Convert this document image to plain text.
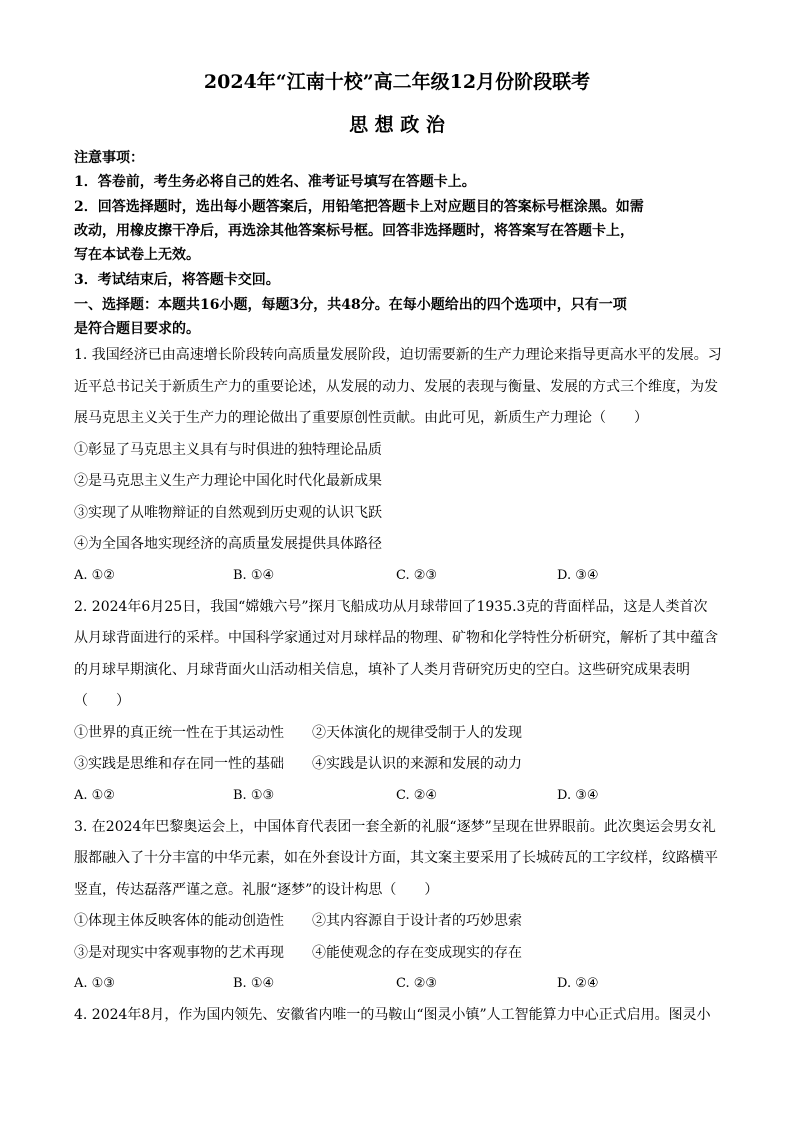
2024年“江南十校”高二年级12月份阶段联考
思 想 政 治
注意事项：
1．答卷前，考生务必将自己的姓名、准考证号填写在答题卡上。
2．回答选择题时，选出每小题答案后，用铅笔把答题卡上对应题目的答案标号框涂黑。如需
改动，用橡皮擦干净后，再选涂其他答案标号框。回答非选择题时，将答案写在答题卡上，
写在本试卷上无效。
3．考试结束后，将答题卡交回。
一、选择题：本题共16小题，每题3分，共48分。在每小题给出的四个选项中，只有一项
是符合题目要求的。
1. 我国经济已由高速增长阶段转向高质量发展阶段，迫切需要新的生产力理论来指导更高水平的发展。习
近平总书记关于新质生产力的重要论述，从发展的动力、发展的表现与衡量、发展的方式三个维度，为发
展马克思主义关于生产力的理论做出了重要原创性贡献。由此可见，新质生产力理论（　　）
①彰显了马克思主义具有与时俱进的独特理论品质
②是马克思主义生产力理论中国化时代化最新成果
③实现了从唯物辩证的自然观到历史观的认识飞跃
④为全国各地实现经济的高质量发展提供具体路径
A. ①②	B. ①④	C. ②③	D. ③④
2. 2024年6月25日，我国“嫦娥六号”探月飞船成功从月球带回了1935.3克的背面样品，这是人类首次
从月球背面进行的采样。中国科学家通过对月球样品的物理、矿物和化学特性分析研究，解析了其中蕴含
的月球早期演化、月球背面火山活动相关信息，填补了人类月背研究历史的空白。这些研究成果表明
（　　）
①世界的真正统一性在于其运动性 ②天体演化的规律受制于人的发现
③实践是思维和存在同一性的基础 ④实践是认识的来源和发展的动力
A. ①②	B. ①③	C. ②④	D. ③④
3. 在2024年巴黎奥运会上，中国体育代表团一套全新的礼服“逐梦”呈现在世界眼前。此次奥运会男女礼
服都融入了十分丰富的中华元素，如在外套设计方面，其文案主要采用了长城砖瓦的工字纹样，纹路横平
竖直，传达磊落严谨之意。礼服“逐梦”的设计构思（　　）
①体现主体反映客体的能动创造性 ②其内容源自于设计者的巧妙思索
③是对现实中客观事物的艺术再现 ④能使观念的存在变成现实的存在
A. ①③	B. ①④	C. ②③	D. ②④
4. 2024年8月，作为国内领先、安徽省内唯一的马鞍山“图灵小镇”人工智能算力中心正式启用。图灵小
